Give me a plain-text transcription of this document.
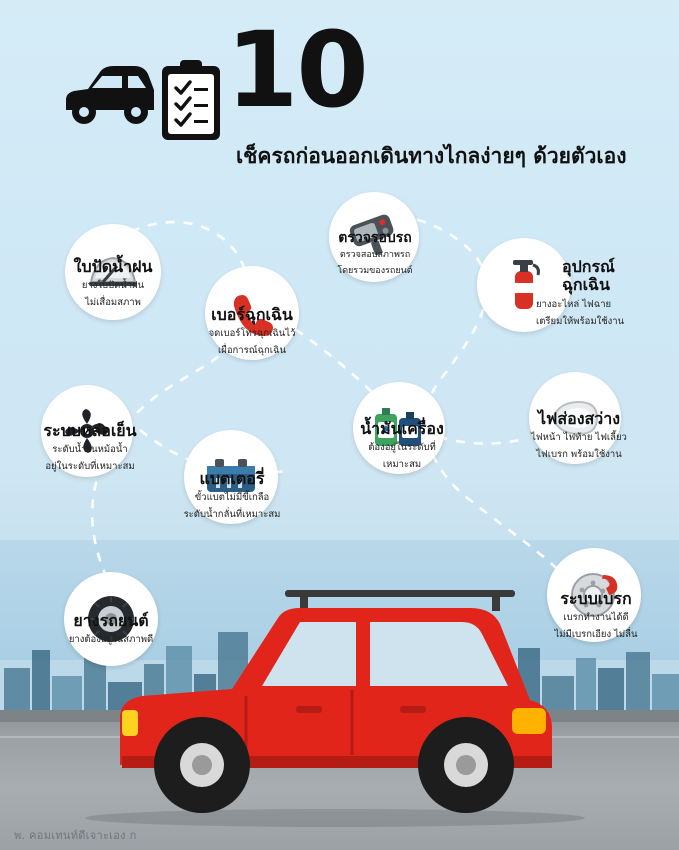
พ. คอมเทนท์ดีเจาะเอง ก
10
เช็ครถก่อนออกเดินทางไกลง่ายๆ ด้วยตัวเอง
ใบปัดน้ำฝน
ยางใบปัดน้ำฝน
ไม่เสื่อมสภาพ
เบอร์ฉุกเฉิน
จดเบอร์โทรฉุกเฉินไว้
เผื่อการณ์ฉุกเฉิน
ตรวจรอบรถ
ตรวจสอบสภาพรถ
โดยรวมของรถยนต์	อุปกรณ์
ฉุกเฉิน
ยางอะไหล่ ไฟฉาย
เตรียมให้พร้อมใช้งาน
ระบบหล่อเย็น
ระดับน้ำในหม้อน้ำ
อยู่ในระดับที่เหมาะสม
น้ำมันเครื่อง
ต้องอยู่ในระดับที่
เหมาะสม
ไฟส่องสว่าง
ไฟหน้า ไฟท้าย ไฟเลี้ยว
ไฟเบรก พร้อมใช้งาน
แบตเตอรี่
ขั้วแบตไม่มีขี้เกลือ
ระดับน้ำกลั่นที่เหมาะสม
ยางรถยนต์
ยางต้องอยู่ในสภาพดี
ระบบเบรก
เบรกทำงานได้ดี
ไม่มีเบรกเอียง ไม่ลื่น
